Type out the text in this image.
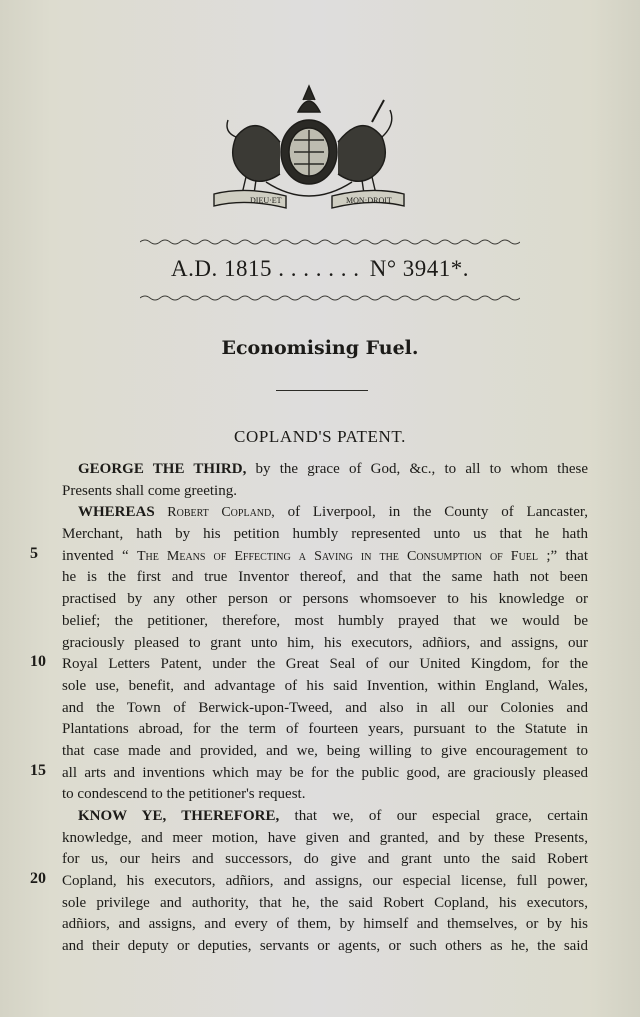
DIEU·ET	MON·DROIT
A.D. 1815 . . . . . . . N° 3941*.
Economising Fuel.
COPLAND'S PATENT.
5
10
15
20
GEORGE THE THIRD, by the grace of God, &c., to all to whom these
Presents shall come greeting.
WHEREAS Robert Copland, of Liverpool, in the County of Lancaster,
Merchant, hath by his petition humbly represented unto us that he hath
invented “ The Means of Effecting a Saving in the Consumption of Fuel ;” that
he is the first and true Inventor thereof, and that the same hath not been
practised by any other person or persons whomsoever to his knowledge or
belief; the petitioner, therefore, most humbly prayed that we would be
graciously pleased to grant unto him, his executors, adñiors, and assigns, our
Royal Letters Patent, under the Great Seal of our United Kingdom, for the
sole use, benefit, and advantage of his said Invention, within England, Wales,
and the Town of Berwick-upon-Tweed, and also in all our Colonies and
Plantations abroad, for the term of fourteen years, pursuant to the Statute in
that case made and provided, and we, being willing to give encouragement to
all arts and inventions which may be for the public good, are graciously pleased
to condescend to the petitioner's request.
KNOW YE, THEREFORE, that we, of our especial grace, certain
knowledge, and meer motion, have given and granted, and by these Presents,
for us, our heirs and successors, do give and grant unto the said Robert
Copland, his executors, adñiors, and assigns, our especial license, full power,
sole privilege and authority, that he, the said Robert Copland, his executors,
adñiors, and assigns, and every of them, by himself and themselves, or by his
and their deputy or deputies, servants or agents, or such others as he, the said
